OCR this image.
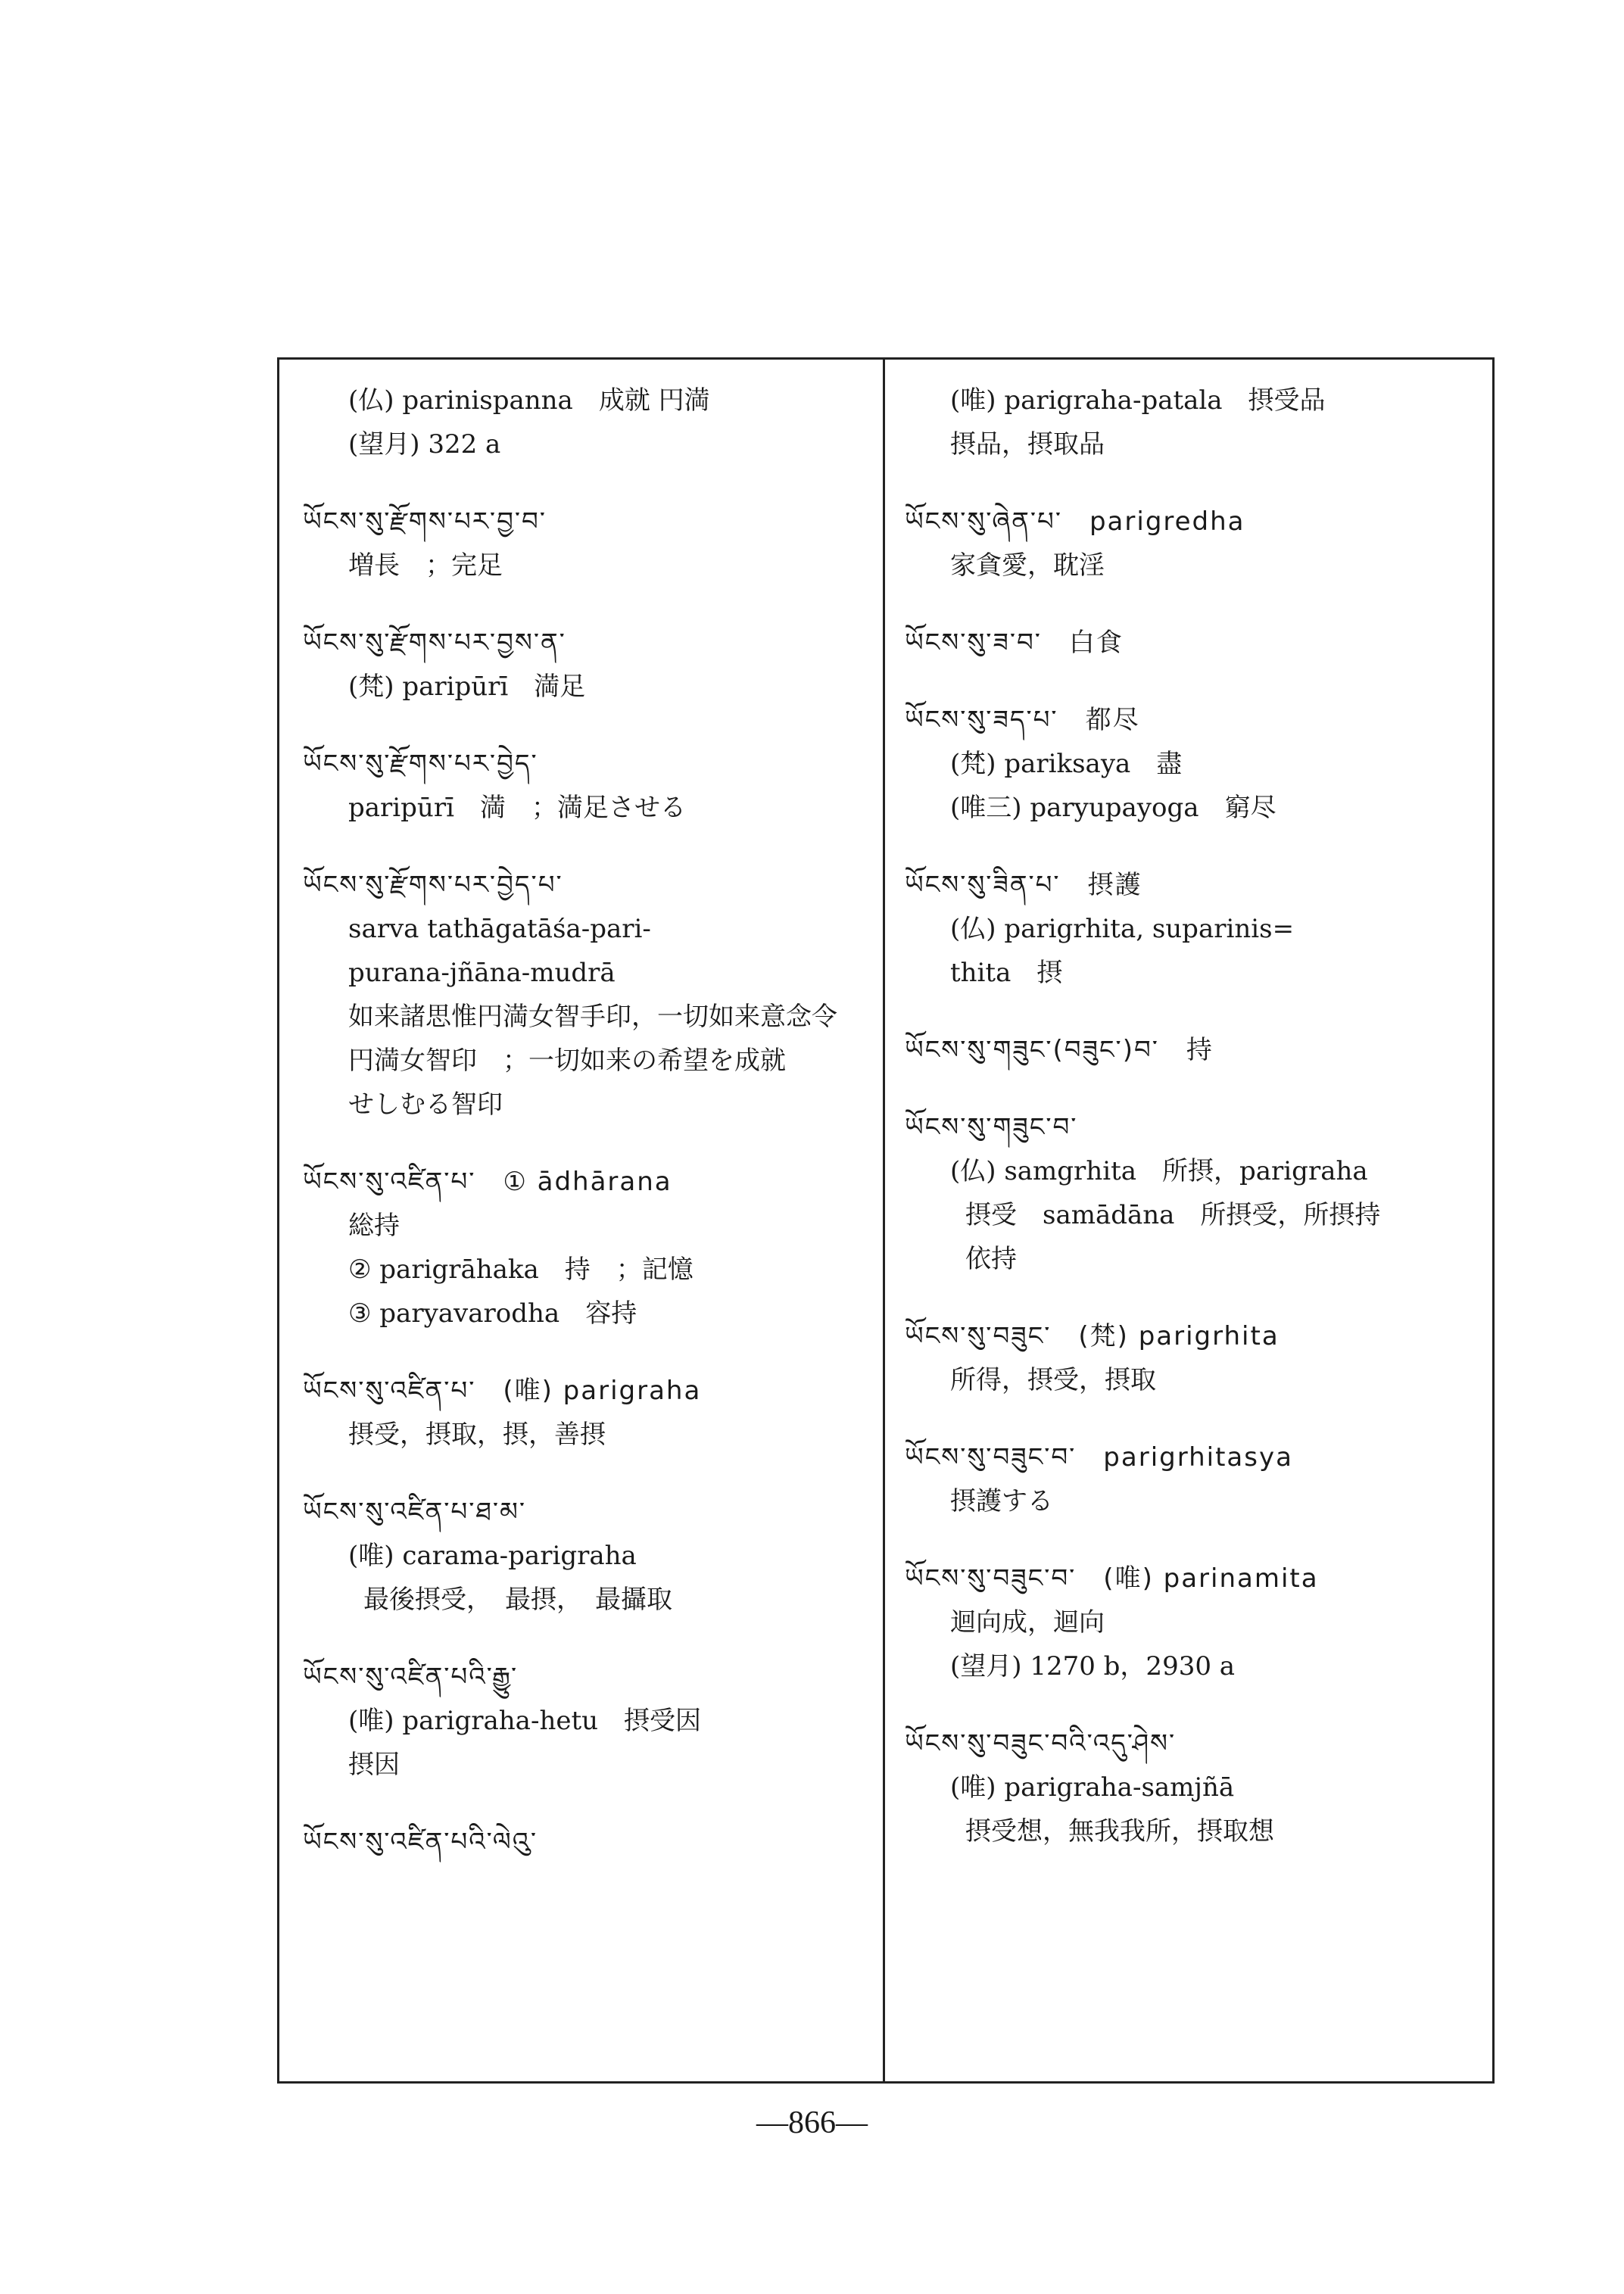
(仏) parinispanna　成就 円満
(望月) 322 a
ཡོངས་སུ་རྫོགས་པར་བྱ་བ་
増長　；完足
ཡོངས་སུ་རྫོགས་པར་བྱས་ན་
(梵) paripūrī　満足
ཡོངས་སུ་རྫོགས་པར་བྱེད་
paripūrī　満　；満足させる
ཡོངས་སུ་རྫོགས་པར་བྱེད་པ་
sarva tathāgatāśa-pari-
purana-jñāna-mudrā
如来諸思惟円満女智手印，一切如来意念令
円満女智印　；一切如来の希望を成就
せしむる智印
ཡོངས་སུ་འཛིན་པ་　① ādhārana
総持
② parigrāhaka　持　；記憶
③ paryavarodha　容持
ཡོངས་སུ་འཛིན་པ་　(唯) parigraha
摂受，摂取，摂，善摂
ཡོངས་སུ་འཛིན་པ་ཐ་མ་
(唯) carama-parigraha
最後摂受，　最摂，　最攝取
ཡོངས་སུ་འཛིན་པའི་རྒྱུ་
(唯) parigraha-hetu　摂受因
摂因
ཡོངས་སུ་འཛིན་པའི་ལེའུ་
(唯) parigraha-patala　摂受品
摂品，摂取品
ཡོངས་སུ་ཞེན་པ་　parigredha
家貪愛，耽淫
ཡོངས་སུ་ཟ་བ་　白食
ཡོངས་སུ་ཟད་པ་　都尽
(梵) pariksaya　盡
(唯三) paryupayoga　窮尽
ཡོངས་སུ་ཟིན་པ་　摂護
(仏) parigrhita, suparinis=
thita　摂
ཡོངས་སུ་གཟུང་(བཟུང་)བ་　持
ཡོངས་སུ་གཟུང་བ་
(仏) samgrhita　所摂，parigraha
摂受　samādāna　所摂受，所摂持
依持
ཡོངས་སུ་བཟུང་　(梵) parigrhita
所得，摂受，摂取
ཡོངས་སུ་བཟུང་བ་　parigrhitasya
摂護する
ཡོངས་སུ་བཟུང་བ་　(唯) parinamita
迴向成，迴向
(望月) 1270 b，2930 a
ཡོངས་སུ་བཟུང་བའི་འདུ་ཤེས་
(唯) parigraha-samjñā
摂受想，無我我所，摂取想
—866—
